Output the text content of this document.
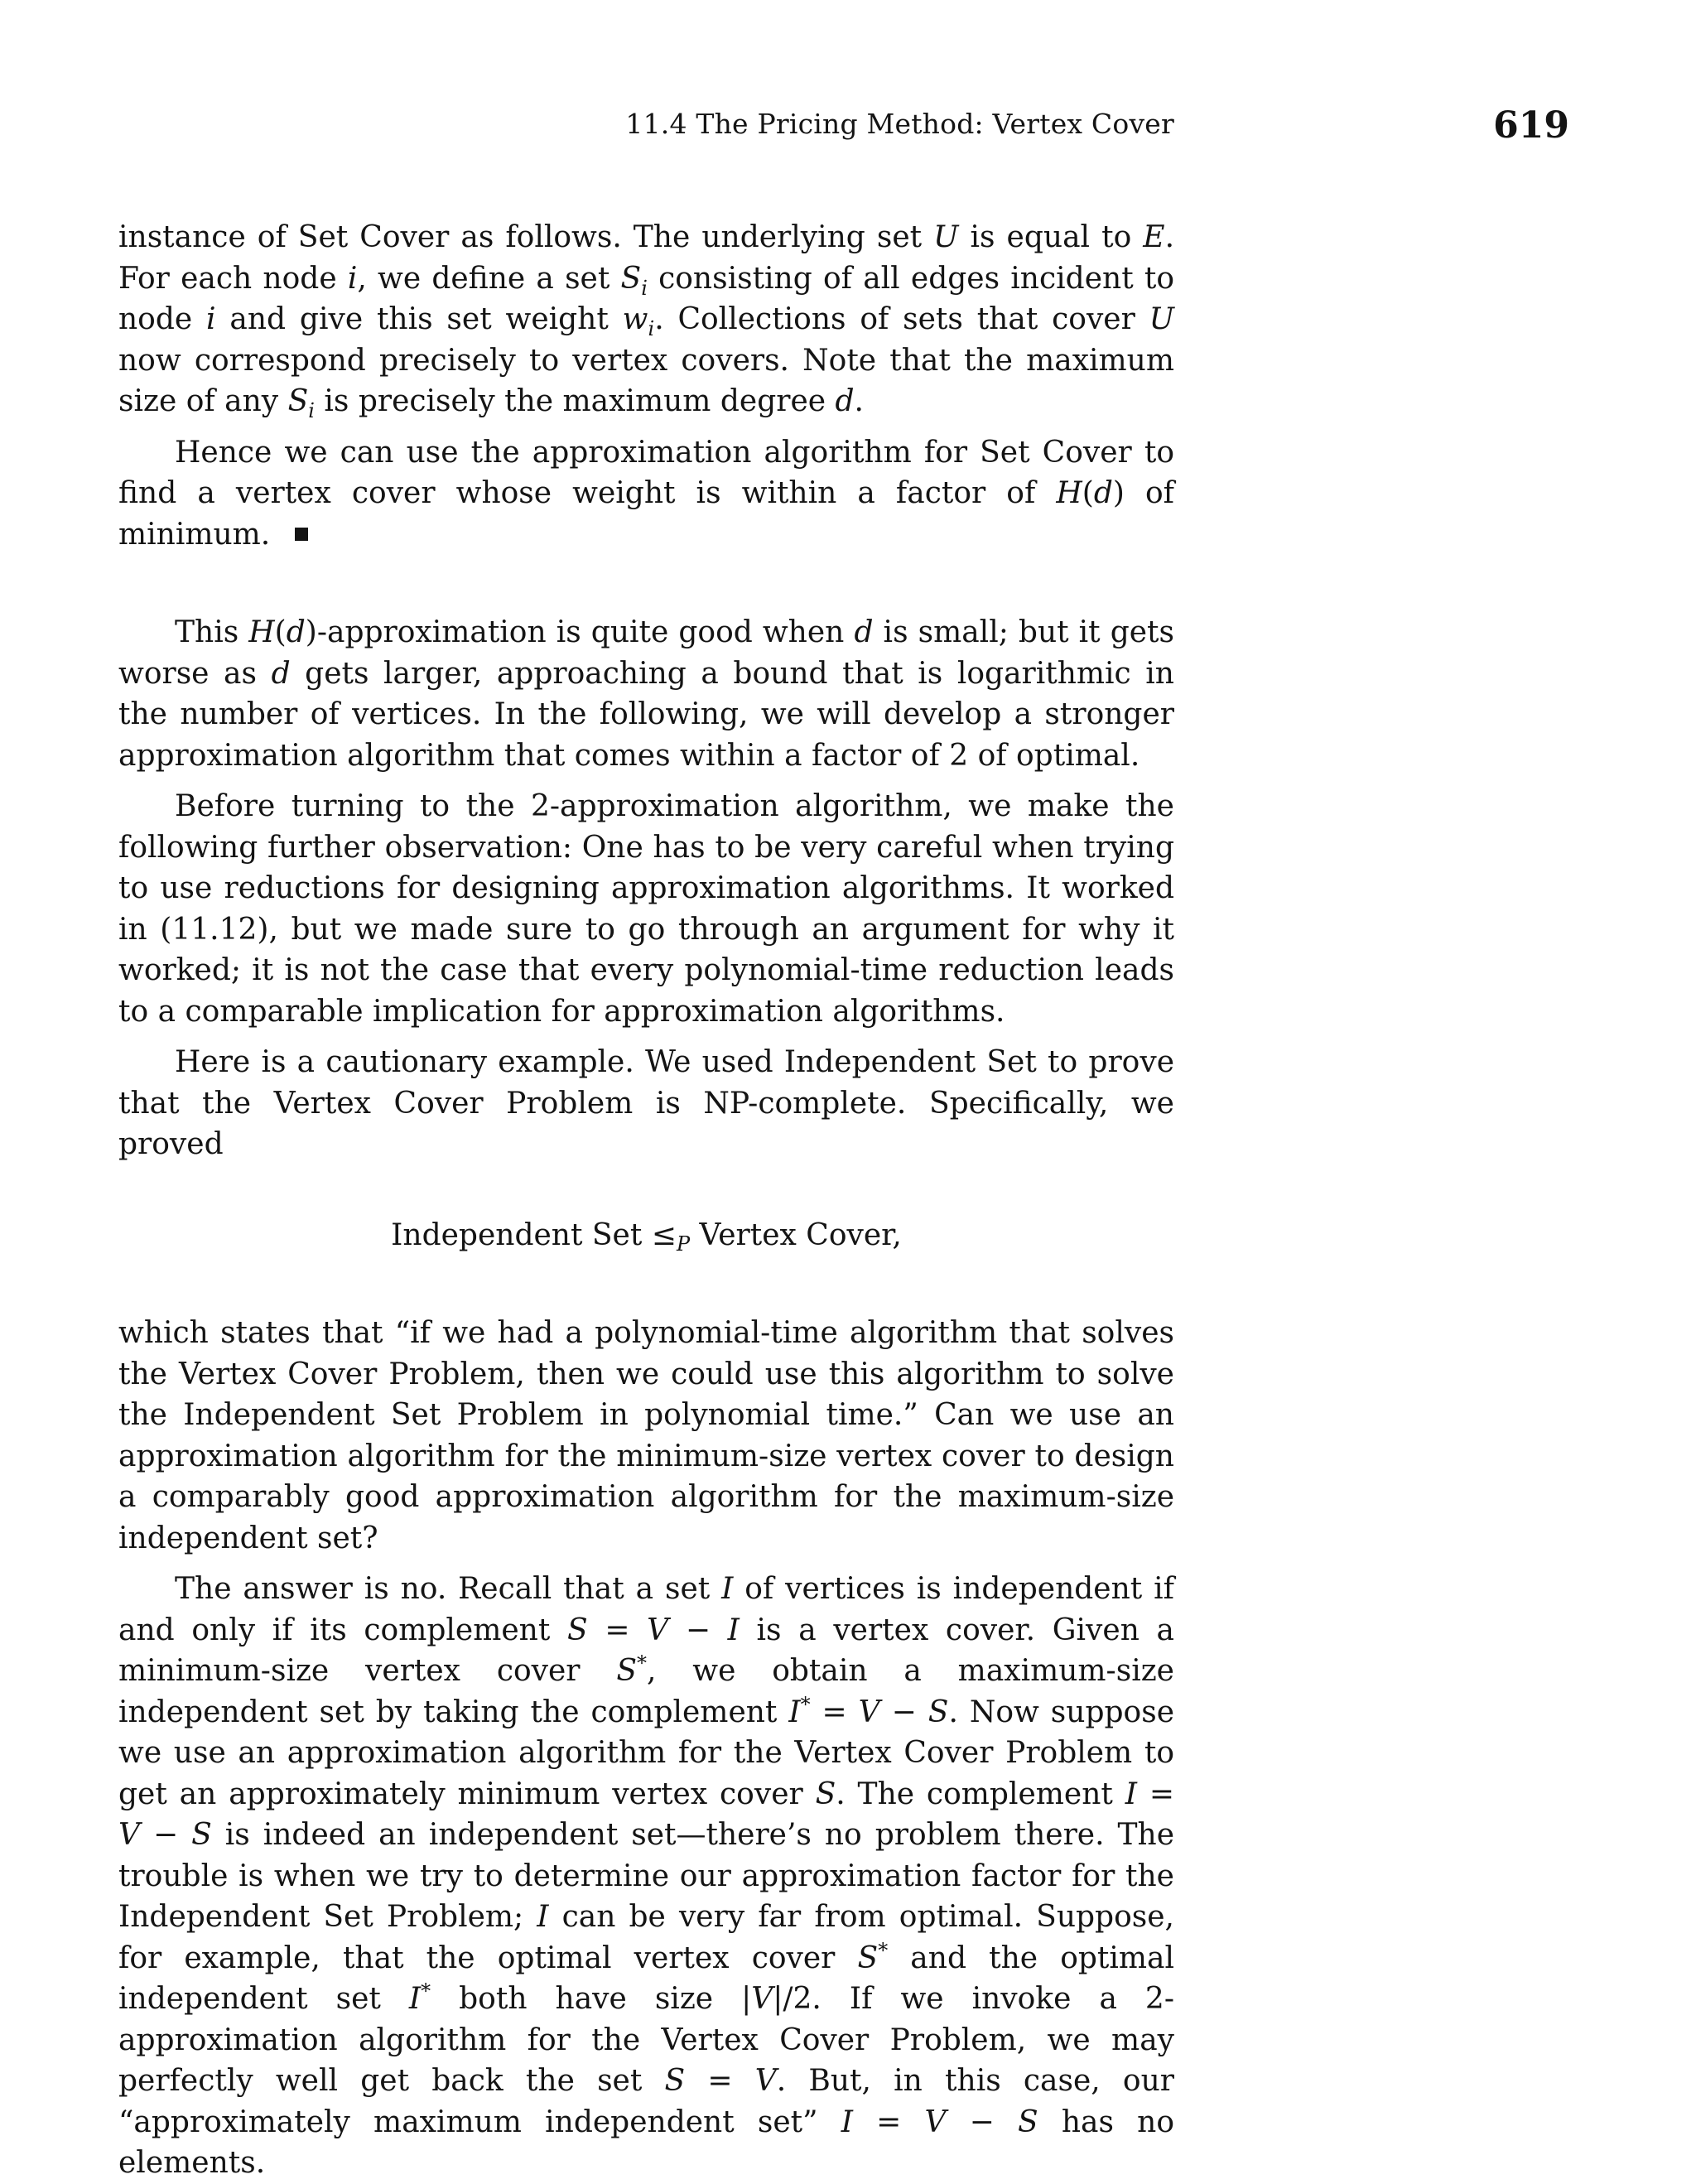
11.4 The Pricing Method: Vertex Cover	619

instance of Set Cover as follows. The underlying set U is equal to E. For each node i, we define a set $S_i$ consisting of all edges incident to node i and give this set weight $w_i$. Collections of sets that cover U now correspond precisely to vertex covers. Note that the maximum size of any $S_i$ is precisely the maximum degree d.

Hence we can use the approximation algorithm for Set Cover to find a vertex cover whose weight is within a factor of H(d) of minimum.

This H(d)-approximation is quite good when d is small; but it gets worse as d gets larger, approaching a bound that is logarithmic in the number of vertices. In the following, we will develop a stronger approximation algorithm that comes within a factor of 2 of optimal.

Before turning to the 2-approximation algorithm, we make the following further observation: One has to be very careful when trying to use reductions for designing approximation algorithms. It worked in (11.12), but we made sure to go through an argument for why it worked; it is not the case that every polynomial-time reduction leads to a comparable implication for approximation algorithms.

Here is a cautionary example. We used Independent Set to prove that the Vertex Cover Problem is NP-complete. Specifically, we proved

Independent Set $\le_P$ Vertex Cover,

which states that “if we had a polynomial-time algorithm that solves the Vertex Cover Problem, then we could use this algorithm to solve the Independent Set Problem in polynomial time.” Can we use an approximation algorithm for the minimum-size vertex cover to design a comparably good approximation algorithm for the maximum-size independent set?

The answer is no. Recall that a set I of vertices is independent if and only if its complement S = V − I is a vertex cover. Given a minimum-size vertex cover S*, we obtain a maximum-size independent set by taking the complement I* = V − S. Now suppose we use an approximation algorithm for the Vertex Cover Problem to get an approximately minimum vertex cover S. The complement I = V − S is indeed an independent set—there’s no problem there. The trouble is when we try to determine our approximation factor for the Independent Set Problem; I can be very far from optimal. Suppose, for example, that the optimal vertex cover S* and the optimal independent set I* both have size |V|/2. If we invoke a 2-approximation algorithm for the Vertex Cover Problem, we may perfectly well get back the set S = V. But, in this case, our “approximately maximum independent set” I = V − S has no elements.
